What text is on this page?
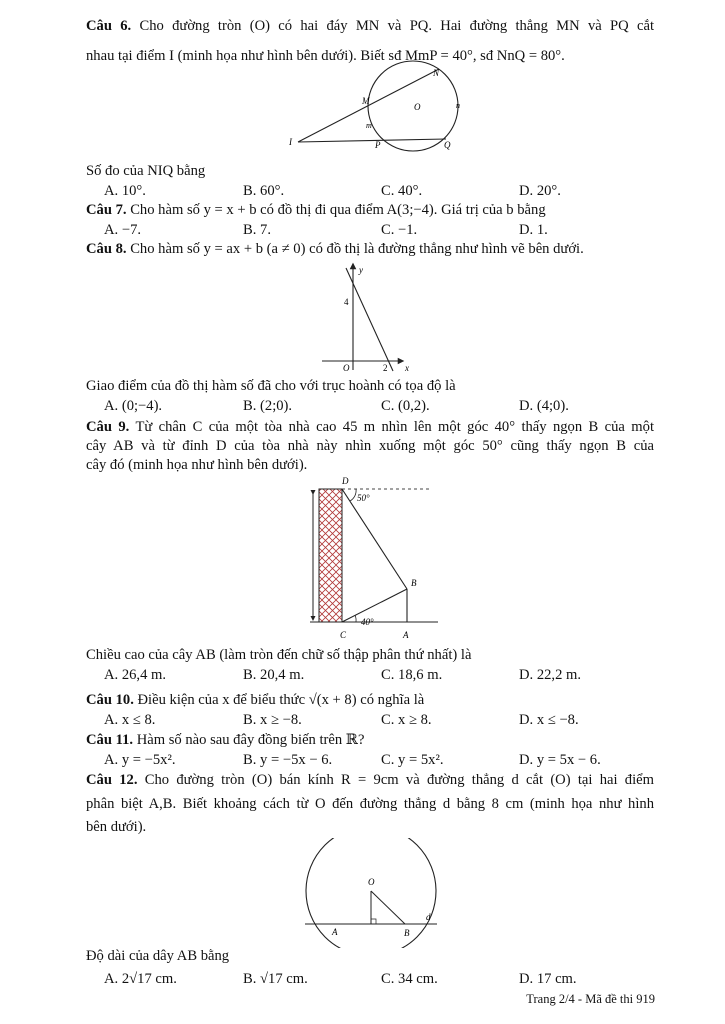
Câu 6. Cho đường tròn (O) có hai đáy MN và PQ. Hai đường thẳng MN và PQ cắt
nhau tại điểm I (minh họa như hình bên dưới). Biết sđ MmP = 40°, sđ NnQ = 80°.
N
M
O	n
m
I	P	Q
Số đo của NIQ bằng
A. 10°.	B. 60°.	C. 40°.	D. 20°.
Câu 7. Cho hàm số y = x + b có đồ thị đi qua điểm A(3;−4). Giá trị của b bằng
A. −7.	B. 7.	C. −1.	D. 1.
Câu 8. Cho hàm số y = ax + b (a ≠ 0) có đồ thị là đường thẳng như hình vẽ bên dưới.
y
4
O	2 x
Giao điểm của đồ thị hàm số đã cho với trục hoành có tọa độ là
A. (0;−4).	B. (2;0).	C. (0,2).	D. (4;0).
Câu 9. Từ chân C của một tòa nhà cao 45 m nhìn lên một góc 40° thấy ngọn B của một
cây AB và từ đỉnh D của tòa nhà này nhìn xuống một góc 50° cũng thấy ngọn B của
cây đó (minh họa như hình bên dưới).
D
50°
B
40°
C	A
Chiều cao của cây AB (làm tròn đến chữ số thập phân thứ nhất) là
A. 26,4 m.	B. 20,4 m.	C. 18,6 m.	D. 22,2 m.
Câu 10. Điều kiện của x để biểu thức √(x + 8) có nghĩa là
A. x ≤ 8.	B. x ≥ −8.	C. x ≥ 8.	D. x ≤ −8.
Câu 11. Hàm số nào sau đây đồng biến trên ℝ?
A. y = −5x².	B. y = −5x − 6.	C. y = 5x².	D. y = 5x − 6.
Câu 12. Cho đường tròn (O) bán kính R = 9cm và đường thẳng d cắt (O) tại hai điểm
phân biệt A,B. Biết khoảng cách từ O đến đường thẳng d bằng 8 cm (minh họa như hình
bên dưới).
O
d
A	B
Độ dài của dây AB bằng
A. 2√17 cm.	B. √17 cm.	C. 34 cm.	D. 17 cm.
Trang 2/4 - Mã đề thi 919
